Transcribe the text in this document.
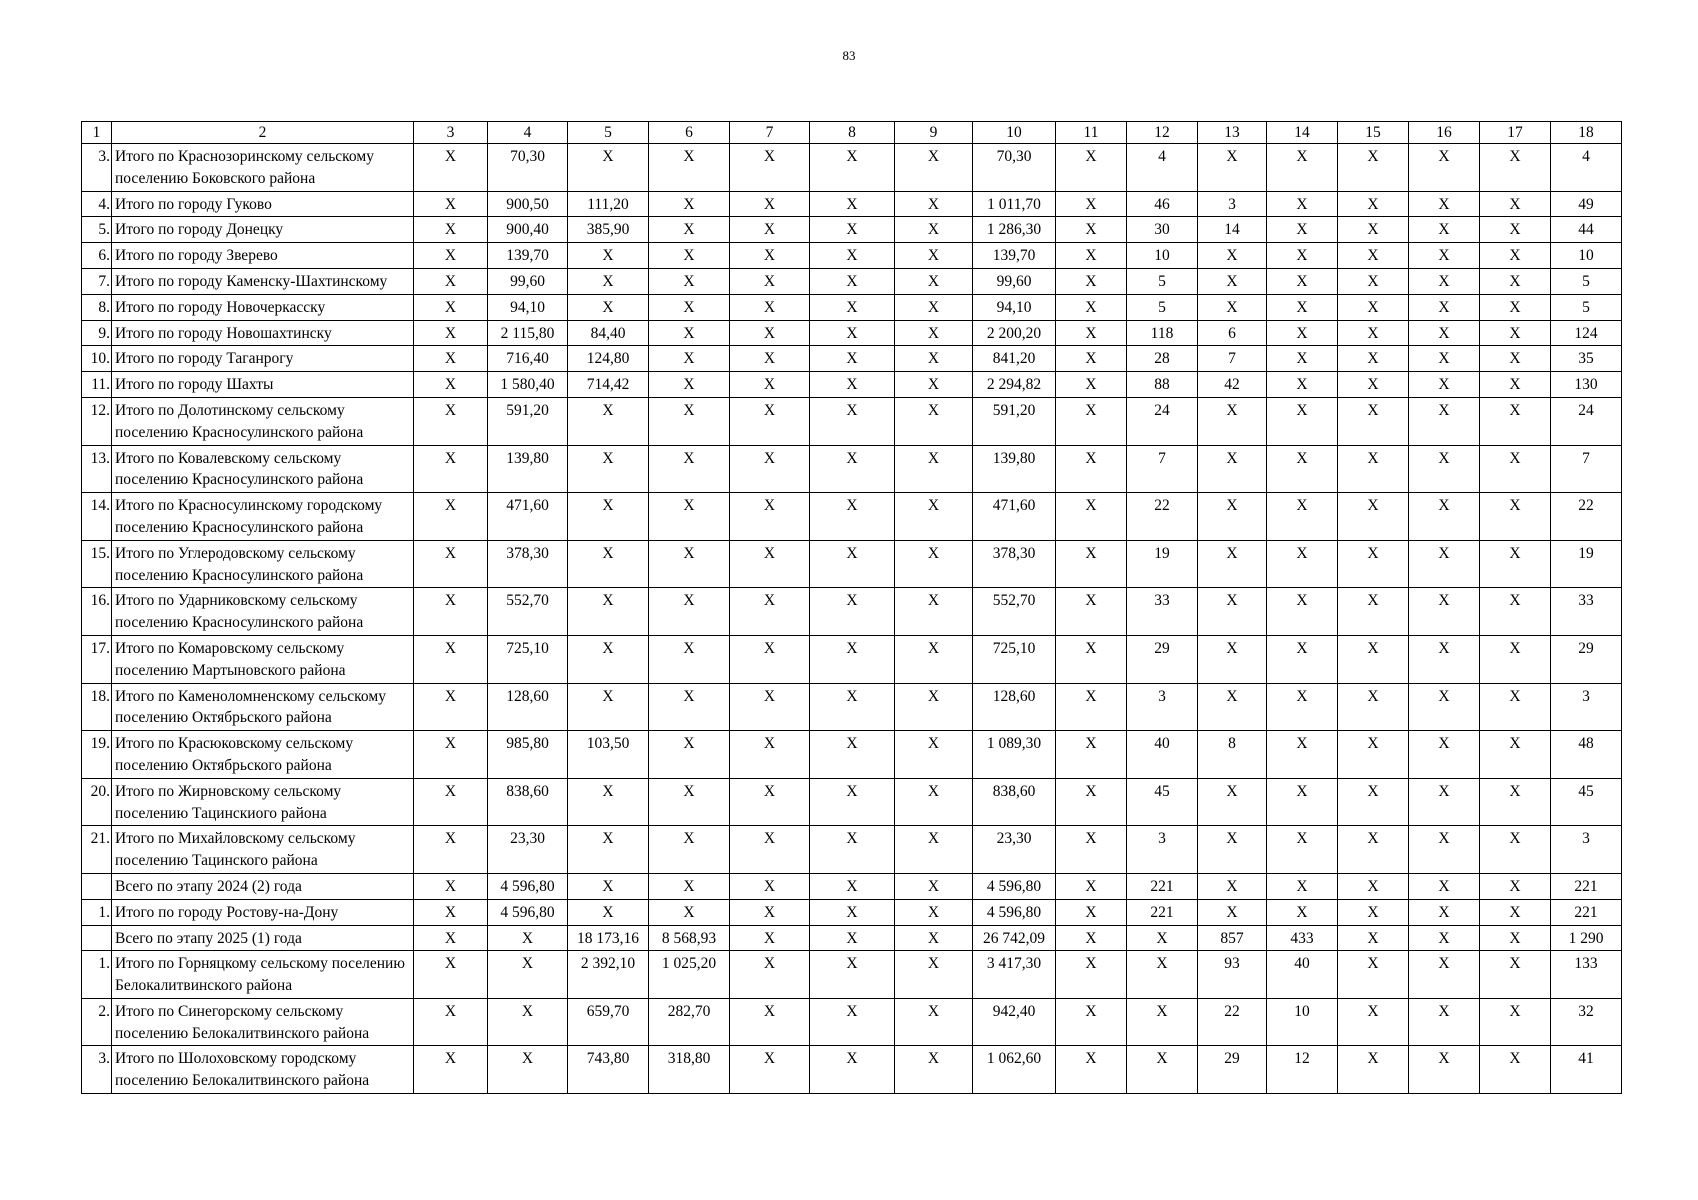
83
1	2	3	4	5	6	7	8	9	10	11	12	13	14	15	16	17	18
3.	Итого по Краснозоринскому сельскому поселению Боковского района	Х	70,30	Х	Х	Х	Х	Х	70,30	Х	4	Х	Х	Х	Х	Х	4
4.	Итого по городу Гуково	Х	900,50	111,20	Х	Х	Х	Х	1 011,70	Х	46	3	Х	Х	Х	Х	49
5.	Итого по городу Донецку	Х	900,40	385,90	Х	Х	Х	Х	1 286,30	Х	30	14	Х	Х	Х	Х	44
6.	Итого по городу Зверево	Х	139,70	Х	Х	Х	Х	Х	139,70	Х	10	Х	Х	Х	Х	Х	10
7.	Итого по городу Каменску-Шахтинскому	Х	99,60	Х	Х	Х	Х	Х	99,60	Х	5	Х	Х	Х	Х	Х	5
8.	Итого по городу Новочеркасску	Х	94,10	Х	Х	Х	Х	Х	94,10	Х	5	Х	Х	Х	Х	Х	5
9.	Итого по городу Новошахтинску	Х	2 115,80	84,40	Х	Х	Х	Х	2 200,20	Х	118	6	Х	Х	Х	Х	124
10.	Итого по городу Таганрогу	Х	716,40	124,80	Х	Х	Х	Х	841,20	Х	28	7	Х	Х	Х	Х	35
11.	Итого по городу Шахты	Х	1 580,40	714,42	Х	Х	Х	Х	2 294,82	Х	88	42	Х	Х	Х	Х	130
12.	Итого по Долотинскому сельскому поселению Красносулинского района	Х	591,20	Х	Х	Х	Х	Х	591,20	Х	24	Х	Х	Х	Х	Х	24
13.	Итого по Ковалевскому сельскому поселению Красносулинского района	Х	139,80	Х	Х	Х	Х	Х	139,80	Х	7	Х	Х	Х	Х	Х	7
14.	Итого по Красносулинскому городскому поселению Красносулинского района	Х	471,60	Х	Х	Х	Х	Х	471,60	Х	22	Х	Х	Х	Х	Х	22
15.	Итого по Углеродовскому сельскому поселению Красносулинского района	Х	378,30	Х	Х	Х	Х	Х	378,30	Х	19	Х	Х	Х	Х	Х	19
16.	Итого по Ударниковскому сельскому поселению Красносулинского района	Х	552,70	Х	Х	Х	Х	Х	552,70	Х	33	Х	Х	Х	Х	Х	33
17.	Итого по Комаровскому сельскому поселению Мартыновского района	Х	725,10	Х	Х	Х	Х	Х	725,10	Х	29	Х	Х	Х	Х	Х	29
18.	Итого по Каменоломненскому сельскому поселению Октябрьского района	Х	128,60	Х	Х	Х	Х	Х	128,60	Х	3	Х	Х	Х	Х	Х	3
19.	Итого по Красюковскому сельскому поселению Октябрьского района	Х	985,80	103,50	Х	Х	Х	Х	1 089,30	Х	40	8	Х	Х	Х	Х	48
20.	Итого по Жирновскому сельскому поселению Тацинскиого района	Х	838,60	Х	Х	Х	Х	Х	838,60	Х	45	Х	Х	Х	Х	Х	45
21.	Итого по Михайловскому сельскому поселению Тацинского района	Х	23,30	Х	Х	Х	Х	Х	23,30	Х	3	Х	Х	Х	Х	Х	3
	Всего по этапу 2024 (2) года	Х	4 596,80	Х	Х	Х	Х	Х	4 596,80	Х	221	Х	Х	Х	Х	Х	221
1.	Итого по городу Ростову-на-Дону	Х	4 596,80	Х	Х	Х	Х	Х	4 596,80	Х	221	Х	Х	Х	Х	Х	221
	Всего по этапу 2025 (1) года	Х	Х	18 173,16	8 568,93	Х	Х	Х	26 742,09	Х	Х	857	433	Х	Х	Х	1 290
1.	Итого по Горняцкому сельскому поселению Белокалитвинского района	Х	Х	2 392,10	1 025,20	Х	Х	Х	3 417,30	Х	Х	93	40	Х	Х	Х	133
2.	Итого по Синегорскому сельскому поселению Белокалитвинского района	Х	Х	659,70	282,70	Х	Х	Х	942,40	Х	Х	22	10	Х	Х	Х	32
3.	Итого по Шолоховскому городскому поселению Белокалитвинского района	Х	Х	743,80	318,80	Х	Х	Х	1 062,60	Х	Х	29	12	Х	Х	Х	41
